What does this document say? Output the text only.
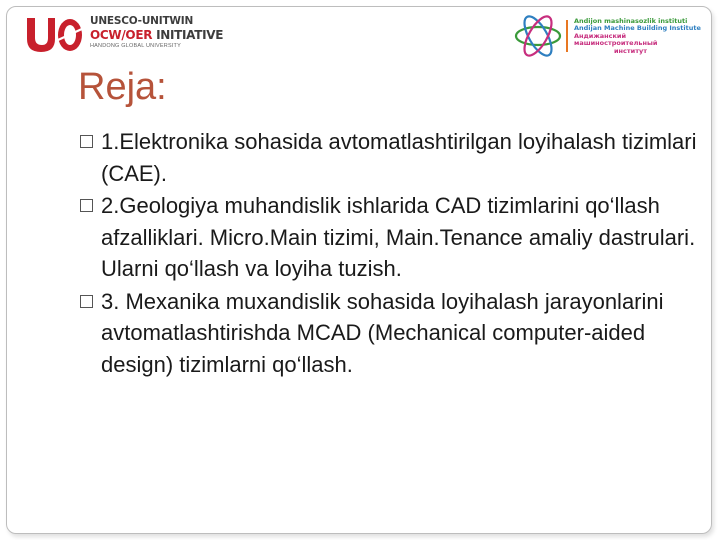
UNESCO-UNITWIN
OCW/OER INITIATIVE
HANDONG GLOBAL UNIVERSITY
Andijon mashinasozlik instituti
Andijan Machine Building Institute
Андижанский машиностроительный
институт
Reja:
1.Elektronika sohasida avtomatlashtirilgan loyihalash tizimlari (CAE).
2.Geologiya muhandislik ishlarida CAD tizimlarini qo‘llash afzalliklari. Micro.Main tizimi, Main.Tenance amaliy dastrulari. Ularni qo‘llash va loyiha tuzish.
3. Mexanika muxandislik sohasida loyihalash jarayonlarini avtomatlashtirishda MCAD (Mechanical computer-aided design) tizimlarni qo‘llash.
